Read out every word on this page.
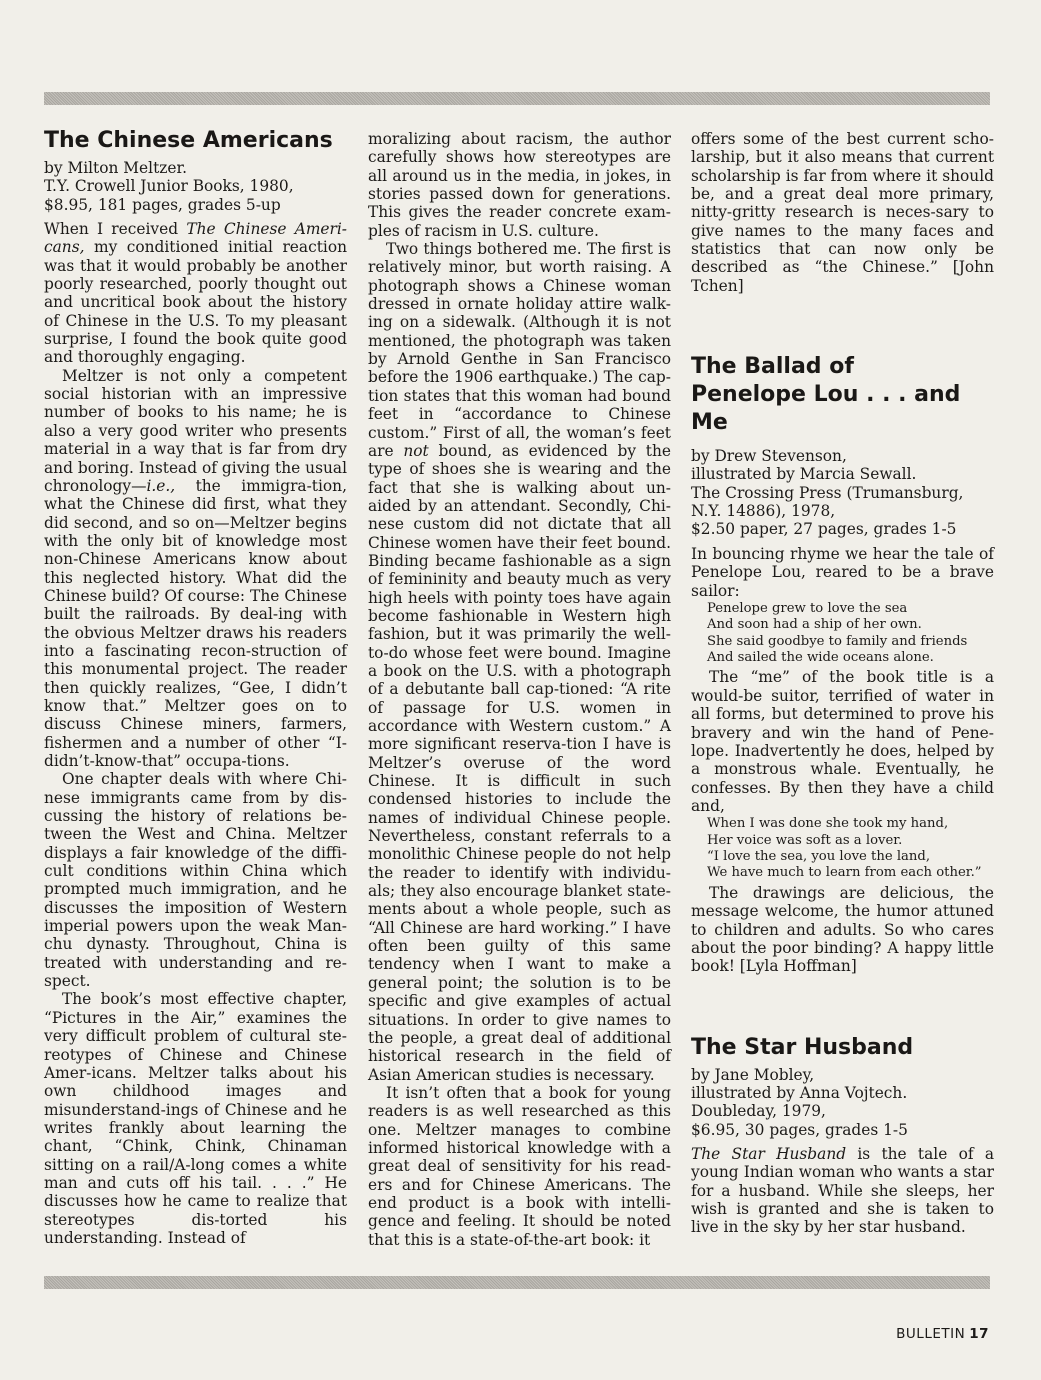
The Chinese Americans
by Milton Meltzer.
T.Y. Crowell Junior Books, 1980,
$8.95, 181 pages, grades 5-up

When I received The Chinese Ameri-cans, my conditioned initial reaction was that it would probably be another poorly researched, poorly thought out and uncritical book about the history of Chinese in the U.S. To my pleasant surprise, I found the book quite good and thoroughly engaging.

Meltzer is not only a competent social historian with an impressive number of books to his name; he is also a very good writer who presents material in a way that is far from dry and boring. Instead of giving the usual chronology—i.e., the immigra-tion, what the Chinese did first, what they did second, and so on—Meltzer begins with the only bit of knowledge most non-Chinese Americans know about this neglected history. What did the Chinese build? Of course: The Chinese built the railroads. By deal-ing with the obvious Meltzer draws his readers into a fascinating recon-struction of this monumental project. The reader then quickly realizes, “Gee, I didn’t know that.” Meltzer goes on to discuss Chinese miners, farmers, fishermen and a number of other “I-didn’t-know-that” occupa-tions.

One chapter deals with where Chi-nese immigrants came from by dis-cussing the history of relations be-tween the West and China. Meltzer displays a fair knowledge of the diffi-cult conditions within China which prompted much immigration, and he discusses the imposition of Western imperial powers upon the weak Man-chu dynasty. Throughout, China is treated with understanding and re-spect.

The book’s most effective chapter, “Pictures in the Air,” examines the very difficult problem of cultural ste-reotypes of Chinese and Chinese Amer-icans. Meltzer talks about his own childhood images and misunderstand-ings of Chinese and he writes frankly about learning the chant, “Chink, Chink, Chinaman sitting on a rail/A-long comes a white man and cuts off his tail. . . .” He discusses how he came to realize that stereotypes dis-torted his understanding. Instead of

moralizing about racism, the author carefully shows how stereotypes are all around us in the media, in jokes, in stories passed down for generations. This gives the reader concrete exam-ples of racism in U.S. culture.

Two things bothered me. The first is relatively minor, but worth raising. A photograph shows a Chinese woman dressed in ornate holiday attire walk-ing on a sidewalk. (Although it is not mentioned, the photograph was taken by Arnold Genthe in San Francisco before the 1906 earthquake.) The cap-tion states that this woman had bound feet in “accordance to Chinese custom.” First of all, the woman’s feet are not bound, as evidenced by the type of shoes she is wearing and the fact that she is walking about un-aided by an attendant. Secondly, Chi-nese custom did not dictate that all Chinese women have their feet bound. Binding became fashionable as a sign of femininity and beauty much as very high heels with pointy toes have again become fashionable in Western high fashion, but it was primarily the well-to-do whose feet were bound. Imagine a book on the U.S. with a photograph of a debutante ball cap-tioned: “A rite of passage for U.S. women in accordance with Western custom.” A more significant reserva-tion I have is Meltzer’s overuse of the word Chinese. It is difficult in such condensed histories to include the names of individual Chinese people. Nevertheless, constant referrals to a monolithic Chinese people do not help the reader to identify with individu-als; they also encourage blanket state-ments about a whole people, such as “All Chinese are hard working.” I have often been guilty of this same tendency when I want to make a general point; the solution is to be specific and give examples of actual situations. In order to give names to the people, a great deal of additional historical research in the field of Asian American studies is necessary.

It isn’t often that a book for young readers is as well researched as this one. Meltzer manages to combine informed historical knowledge with a great deal of sensitivity for his read-ers and for Chinese Americans. The end product is a book with intelli-gence and feeling. It should be noted that this is a state-of-the-art book: it

offers some of the best current scho-larship, but it also means that current scholarship is far from where it should be, and a great deal more primary, nitty-gritty research is neces-sary to give names to the many faces and statistics that can now only be described as “the Chinese.” [John Tchen]

The Ballad of Penelope Lou . . . and Me
by Drew Stevenson,
illustrated by Marcia Sewall.
The Crossing Press (Trumansburg,
N.Y. 14886), 1978,
$2.50 paper, 27 pages, grades 1-5

In bouncing rhyme we hear the tale of Penelope Lou, reared to be a brave sailor:

Penelope grew to love the sea
And soon had a ship of her own.
She said goodbye to family and friends
And sailed the wide oceans alone.

The “me” of the book title is a would-be suitor, terrified of water in all forms, but determined to prove his bravery and win the hand of Pene-lope. Inadvertently he does, helped by a monstrous whale. Eventually, he confesses. By then they have a child and,

When I was done she took my hand,
Her voice was soft as a lover.
“I love the sea, you love the land,
We have much to learn from each other.”

The drawings are delicious, the message welcome, the humor attuned to children and adults. So who cares about the poor binding? A happy little book! [Lyla Hoffman]

The Star Husband
by Jane Mobley,
illustrated by Anna Vojtech.
Doubleday, 1979,
$6.95, 30 pages, grades 1-5

The Star Husband is the tale of a young Indian woman who wants a star for a husband. While she sleeps, her wish is granted and she is taken to live in the sky by her star husband.

BULLETIN 17
